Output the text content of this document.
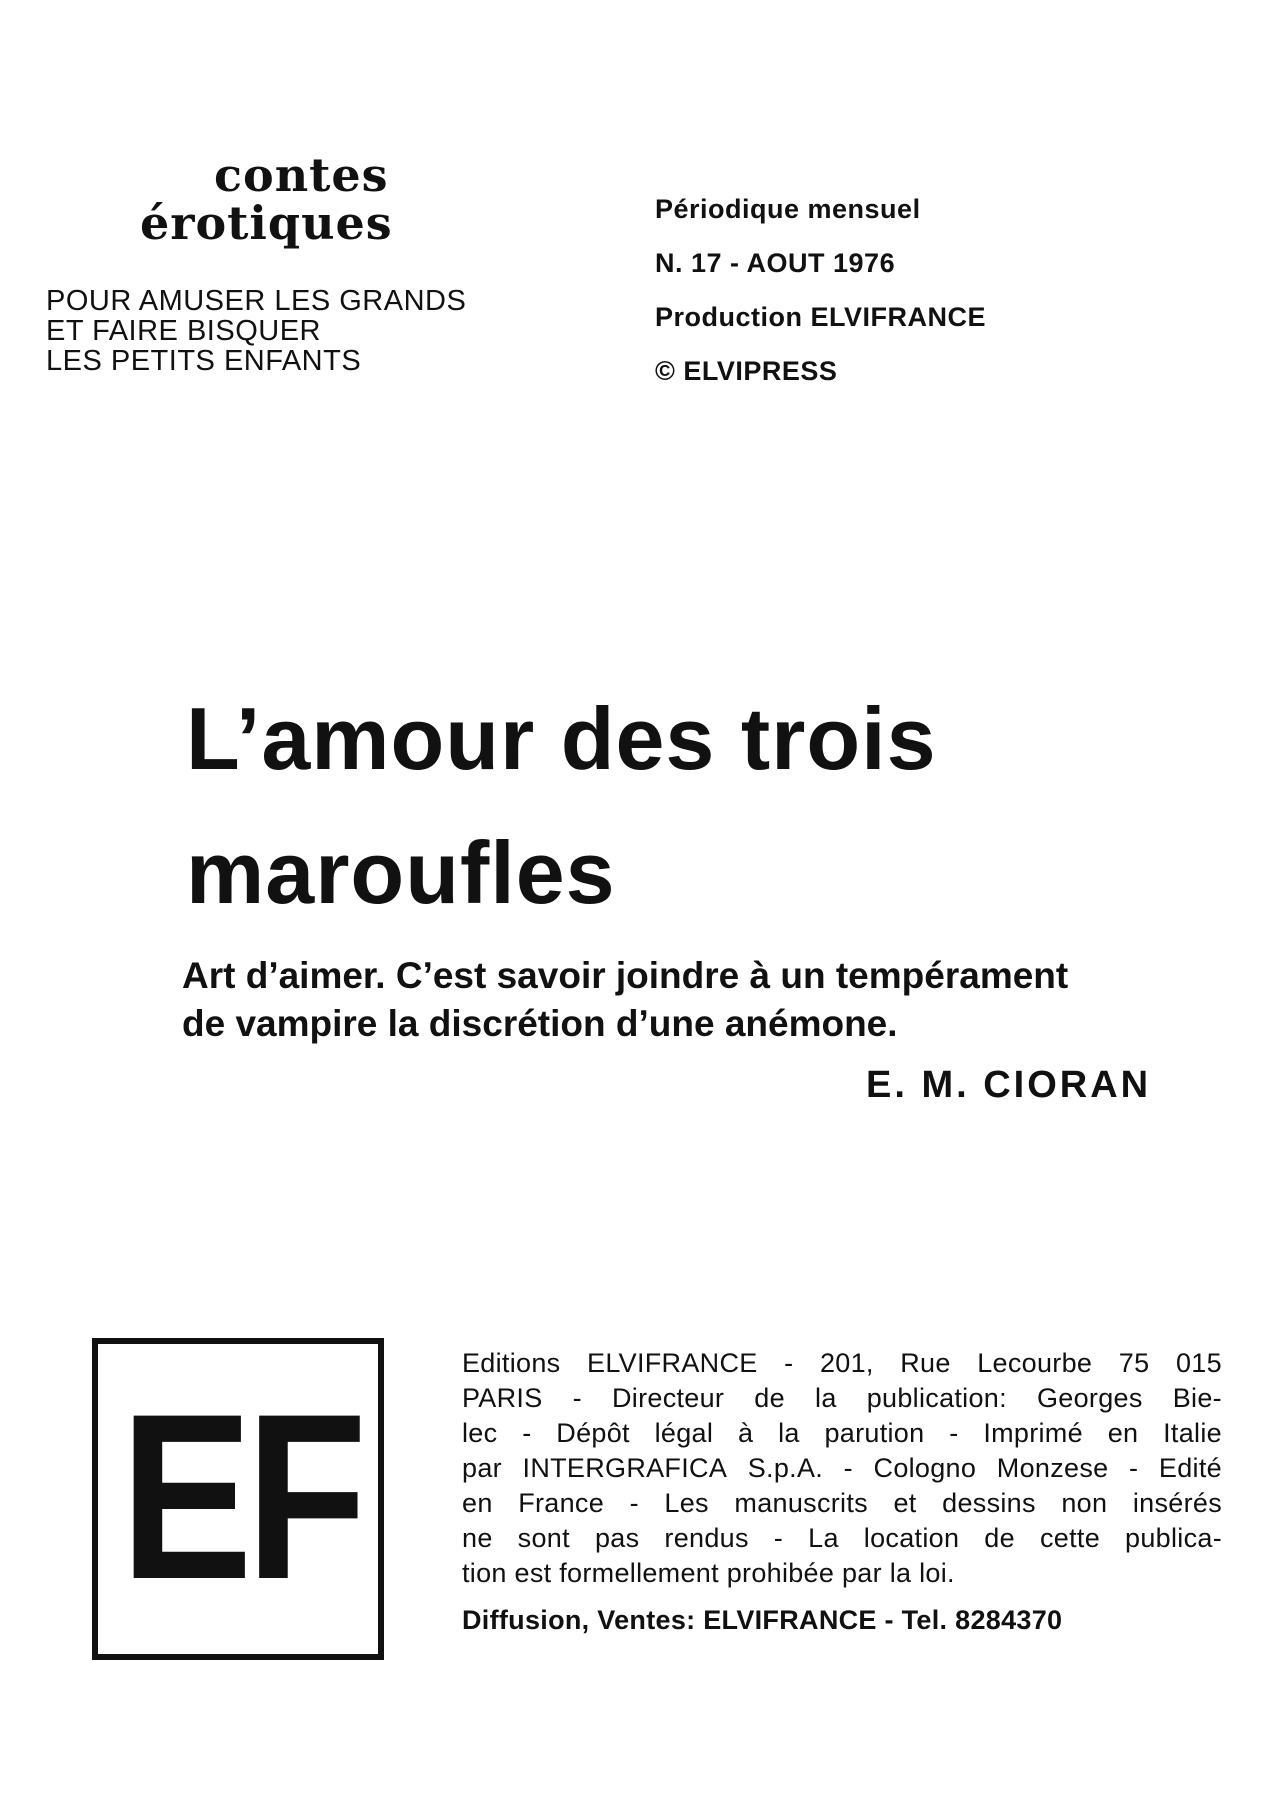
contes
érotiques
POUR AMUSER LES GRANDS
ET FAIRE BISQUER
LES PETITS ENFANTS
Périodique mensuel
N. 17 - AOUT 1976
Production ELVIFRANCE
© ELVIPRESS
L’amour des trois
maroufles
Art d’aimer. C’est savoir joindre à un tempérament
de vampire la discrétion d’une anémone.
E. M. CIORAN
EF
Editions ELVIFRANCE - 201, Rue Lecourbe 75 015
PARIS - Directeur de la publication: Georges Bie-
lec - Dépôt légal à la parution - Imprimé en Italie
par INTERGRAFICA S.p.A. - Cologno Monzese - Edité
en France - Les manuscrits et dessins non insérés
ne sont pas rendus - La location de cette publica-
tion est formellement prohibée par la loi.
Diffusion, Ventes: ELVIFRANCE - Tel. 8284370
